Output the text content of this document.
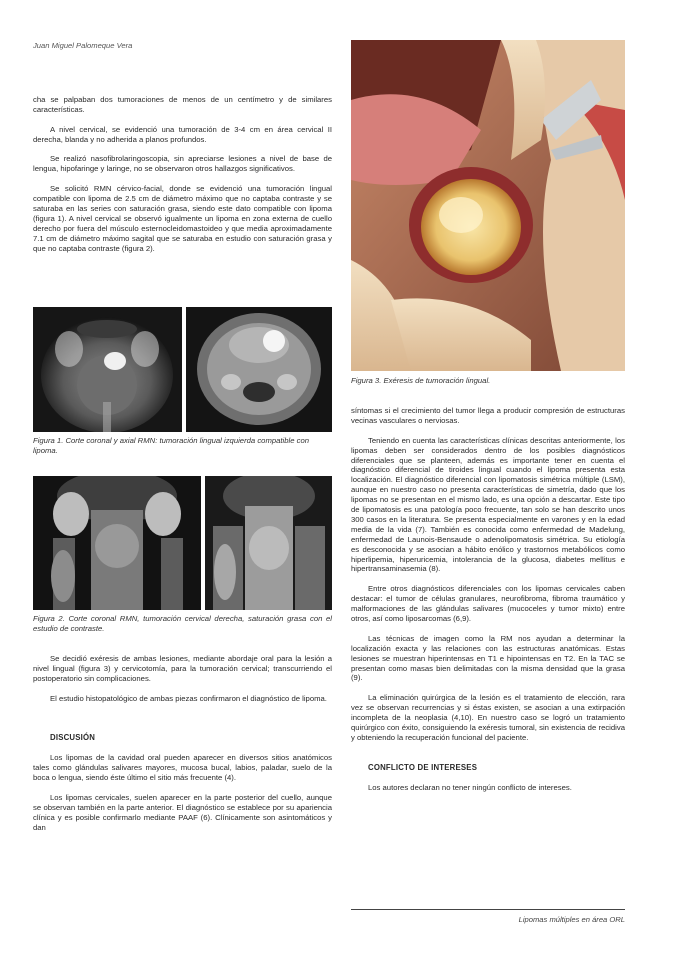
Juan Miguel Palomeque Vera

cha se palpaban dos tumoraciones de menos de un centímetro y de similares características.

A nivel cervical, se evidenció una tumoración de 3-4 cm en área cervical II derecha, blanda y no adherida a planos profundos.

Se realizó nasofibrolaringoscopia, sin apreciarse lesiones a nivel de base de lengua, hipofaringe y laringe, no se observaron otros hallazgos significativos.

Se solicitó RMN cérvico-facial, donde se evidenció una tumoración lingual compatible con lipoma de 2.5 cm de diámetro máximo que no captaba contraste y se saturaba en las series con saturación grasa, siendo este dato compatible con lipoma (figura 1). A nivel cervical se observó igualmente un lipoma en zona externa de cuello derecho por fuera del músculo esternocleidomastoideo y que media aproximadamente 7.1 cm de diámetro máximo sagital que se saturaba en estudio con saturación grasa y que no captaba contraste (figura 2).

Figura 1. Corte coronal y axial RMN: tumoración lingual izquierda compatible con lipoma.

Figura 2. Corte coronal RMN, tumoración cervical derecha, saturación grasa con el estudio de contraste.

Se decidió exéresis de ambas lesiones, mediante abordaje oral para la lesión a nivel lingual (figura 3) y cervicotomía, para la tumoración cervical; transcurriendo el postoperatorio sin complicaciones.

El estudio histopatológico de ambas piezas confirmaron el diagnóstico de lipoma.

DISCUSIÓN

Los lipomas de la cavidad oral pueden aparecer en diversos sitios anatómicos tales como glándulas salivares mayores, mucosa bucal, labios, paladar, suelo de la boca o lengua, siendo éste último el sitio más frecuente (4).

Los lipomas cervicales, suelen aparecer en la parte posterior del cuello, aunque se observan también en la parte anterior. El diagnóstico se establece por su apariencia clínica y es posible confirmarlo mediante PAAF (6). Clínicamente son asintomáticos y dan

Figura 3. Exéresis de tumoración lingual.

síntomas si el crecimiento del tumor llega a producir compresión de estructuras vecinas vasculares o nerviosas.

Teniendo en cuenta las características clínicas descritas anteriormente, los lipomas deben ser considerados dentro de los posibles diagnósticos diferenciales que se planteen, además es importante tener en cuenta el diagnóstico diferencial de tiroides lingual cuando el lipoma presenta esta localización. El diagnóstico diferencial con lipomatosis simétrica múltiple (LSM), aunque en nuestro caso no presenta características de simetría, dado que los lipomas no se presentan en el mismo lado, es una opción a descartar. Este tipo de lipomatosis es una patología poco frecuente, tan solo se han descrito unos 300 casos en la literatura. Se presenta especialmente en varones y en la edad media de la vida (7). También es conocida como enfermedad de Madelung, enfermedad de Launois-Bensaude o adenolipomatosis simétrica. Su etiología es desconocida y se asocian a hábito enólico y trastornos metabólicos como hiperlipemia, hiperuricemia, intolerancia de la glucosa, diabetes mellitus e hipertransaminasemia (8).

Entre otros diagnósticos diferenciales con los lipomas cervicales caben destacar: el tumor de células granulares, neurofibroma, fibroma traumático y malformaciones de las glándulas salivares (mucoceles y tumor mixto) entre otros, así como liposarcomas (6,9).

Las técnicas de imagen como la RM nos ayudan a determinar la localización exacta y las relaciones con las estructuras anatómicas. Estas lesiones se muestran hiperintensas en T1 e hipointensas en T2. En la TAC se presentan como masas bien delimitadas con la misma densidad que la grasa (9).

La eliminación quirúrgica de la lesión es el tratamiento de elección, rara vez se observan recurrencias y si éstas existen, se asocian a una extirpación incompleta de la neoplasia (4,10). En nuestro caso se logró un tratamiento quirúrgico con éxito, consiguiendo la exéresis tumoral, sin existencia de recidiva y obteniendo la recuperación funcional del paciente.

CONFLICTO DE INTERESES

Los autores declaran no tener ningún conflicto de intereses.

Lipomas múltiples en área ORL
